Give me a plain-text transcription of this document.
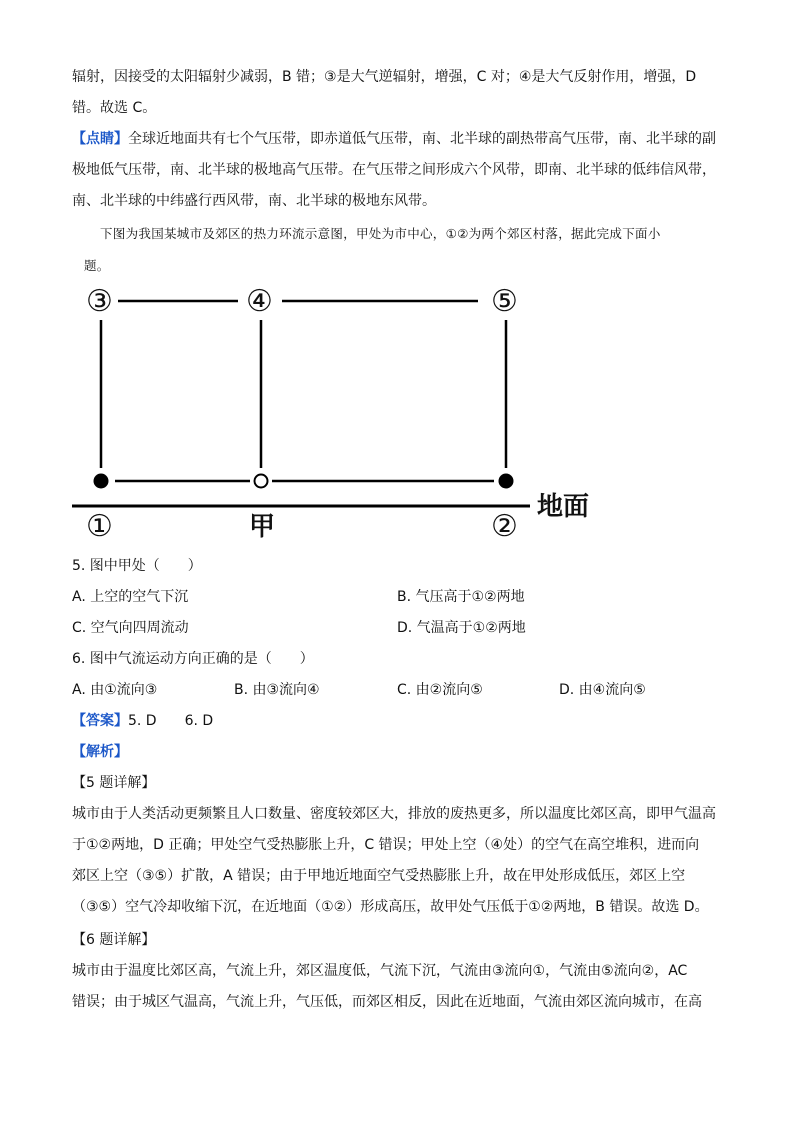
辐射，因接受的太阳辐射少减弱，B 错；③是大气逆辐射，增强，C 对；④是大气反射作用，增强，D
错。故选 C。
【点睛】全球近地面共有七个气压带，即赤道低气压带，南、北半球的副热带高气压带，南、北半球的副
极地低气压带，南、北半球的极地高气压带。在气压带之间形成六个风带，即南、北半球的低纬信风带，
南、北半球的中纬盛行西风带，南、北半球的极地东风带。
下图为我国某城市及郊区的热力环流示意图，甲处为市中心，①②为两个郊区村落，据此完成下面小
题。
③	④	⑤
①	甲	②
地面
5. 图中甲处（　　）
A. 上空的空气下沉	B. 气压高于①②两地
C. 空气向四周流动	D. 气温高于①②两地
6. 图中气流运动方向正确的是（　　）
A. 由①流向③	B. 由③流向④	C. 由②流向⑤	D. 由④流向⑤
【答案】5. D　　6. D
【解析】
【5 题详解】
城市由于人类活动更频繁且人口数量、密度较郊区大，排放的废热更多，所以温度比郊区高，即甲气温高
于①②两地，D 正确；甲处空气受热膨胀上升，C 错误；甲处上空（④处）的空气在高空堆积，进而向
郊区上空（③⑤）扩散，A 错误；由于甲地近地面空气受热膨胀上升，故在甲处形成低压，郊区上空
（③⑤）空气冷却收缩下沉，在近地面（①②）形成高压，故甲处气压低于①②两地，B 错误。故选 D。
【6 题详解】
城市由于温度比郊区高，气流上升，郊区温度低，气流下沉，气流由③流向①，气流由⑤流向②，AC
错误；由于城区气温高，气流上升，气压低，而郊区相反，因此在近地面，气流由郊区流向城市，在高
